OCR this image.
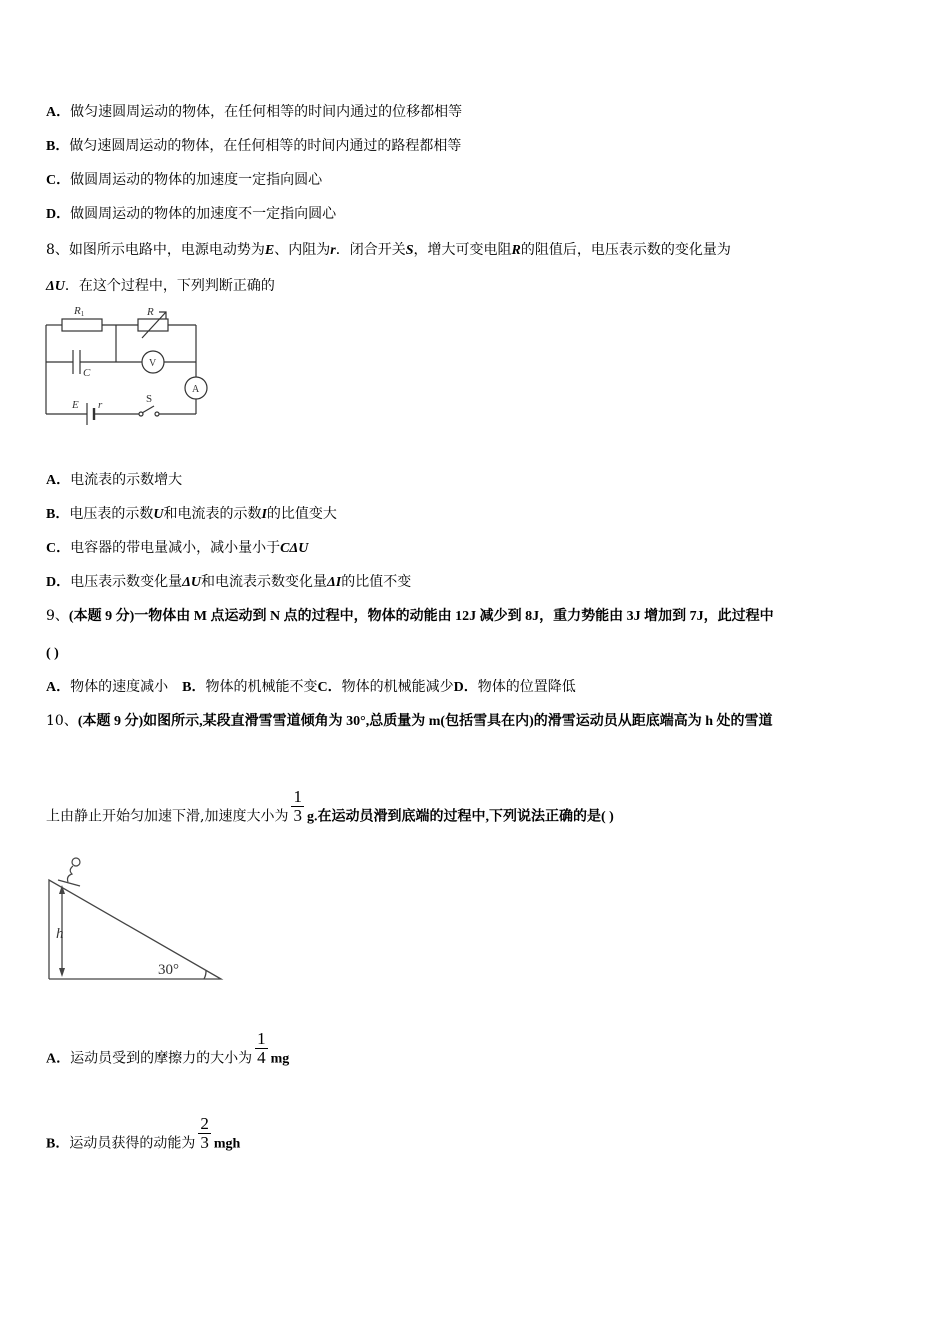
A．做匀速圆周运动的物体，在任何相等的时间内通过的位移都相等
B．做匀速圆周运动的物体，在任何相等的时间内通过的路程都相等
C．做圆周运动的物体的加速度一定指向圆心
D．做圆周运动的物体的加速度不一定指向圆心
8、如图所示电路中，电源电动势为E、内阻为r．闭合开关S，增大可变电阻R的阻值后，电压表示数的变化量为
ΔU．在这个过程中，下列判断正确的
R1	R
C
V
A
E r	S
A．电流表的示数增大
B．电压表的示数U和电流表的示数I的比值变大
C．电容器的带电量减小，减小量小于CΔU
D．电压表示数变化量ΔU和电流表示数变化量ΔI的比值不变
9、(本题 9 分)一物体由 M 点运动到 N 点的过程中，物体的动能由 12J 减少到 8J，重力势能由 3J 增加到 7J，此过程中
( )
A．物体的速度减小 B．物体的机械能不变C．物体的机械能减少D．物体的位置降低
10、(本题 9 分)如图所示,某段直滑雪雪道倾角为 30°,总质量为 m(包括雪具在内)的滑雪运动员从距底端高为 h 处的雪道
上由静止开始匀加速下滑,加速度大小为 $\frac{1}{3} g$.在运动员滑到底端的过程中,下列说法正确的是( )
h
30°
A．运动员受到的摩擦力的大小为 $\frac{1}{4}$ mg
B．运动员获得的动能为 $\frac{2}{3}$ mgh
